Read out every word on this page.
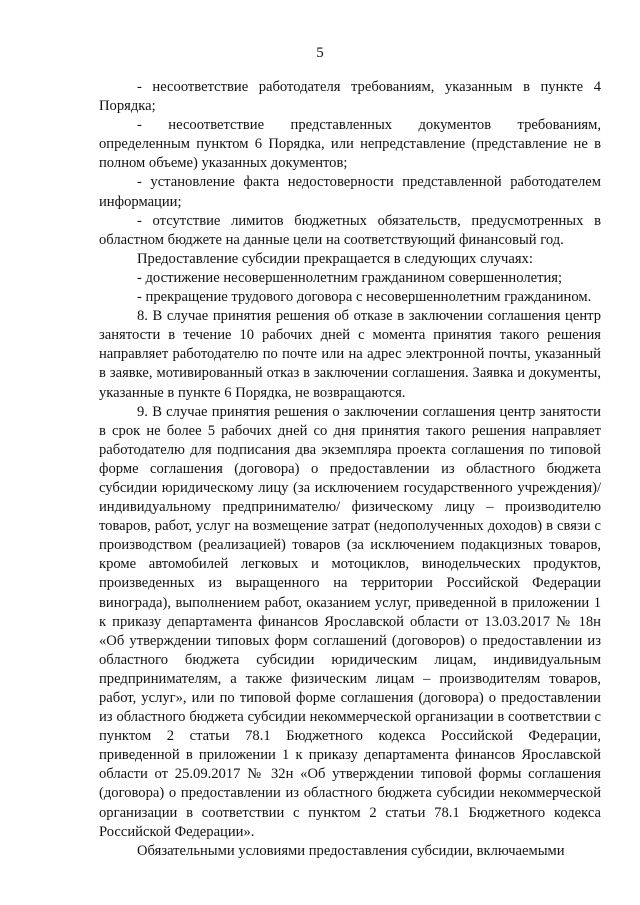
5

- несоответствие работодателя требованиям, указанным в пункте 4 Порядка;

- несоответствие представленных документов требованиям, определенным пунктом 6 Порядка, или непредставление (представление не в полном объеме) указанных документов;

- установление факта недостоверности представленной работодателем информации;

- отсутствие лимитов бюджетных обязательств, предусмотренных в областном бюджете на данные цели на соответствующий финансовый год.

Предоставление субсидии прекращается в следующих случаях:

- достижение несовершеннолетним гражданином совершеннолетия;

- прекращение трудового договора с несовершеннолетним гражданином.

8. В случае принятия решения об отказе в заключении соглашения центр занятости в течение 10 рабочих дней с момента принятия такого решения направляет работодателю по почте или на адрес электронной почты, указанный в заявке, мотивированный отказ в заключении соглашения. Заявка и документы, указанные в пункте 6 Порядка, не возвращаются.

9. В случае принятия решения о заключении соглашения центр занятости в срок не более 5 рабочих дней со дня принятия такого решения направляет работодателю для подписания два экземпляра проекта соглашения по типовой форме соглашения (договора) о предоставлении из областного бюджета субсидии юридическому лицу (за исключением государственного учреждения)/ индивидуальному предпринимателю/ физическому лицу – производителю товаров, работ, услуг на возмещение затрат (недополученных доходов) в связи с производством (реализацией) товаров (за исключением подакцизных товаров, кроме автомобилей легковых и мотоциклов, винодельческих продуктов, произведенных из выращенного на территории Российской Федерации винограда), выполнением работ, оказанием услуг, приведенной в приложении 1 к приказу департамента финансов Ярославской области от 13.03.2017 № 18н «Об утверждении типовых форм соглашений (договоров) о предоставлении из областного бюджета субсидии юридическим лицам, индивидуальным предпринимателям, а также физическим лицам – производителям товаров, работ, услуг», или по типовой форме соглашения (договора) о предоставлении из областного бюджета субсидии некоммерческой организации в соответствии с пунктом 2 статьи 78.1 Бюджетного кодекса Российской Федерации, приведенной в приложении 1 к приказу департамента финансов Ярославской области от 25.09.2017 № 32н «Об утверждении типовой формы соглашения (договора) о предоставлении из областного бюджета субсидии некоммерческой организации в соответствии с пунктом 2 статьи 78.1 Бюджетного кодекса Российской Федерации».

Обязательными условиями предоставления субсидии, включаемыми
